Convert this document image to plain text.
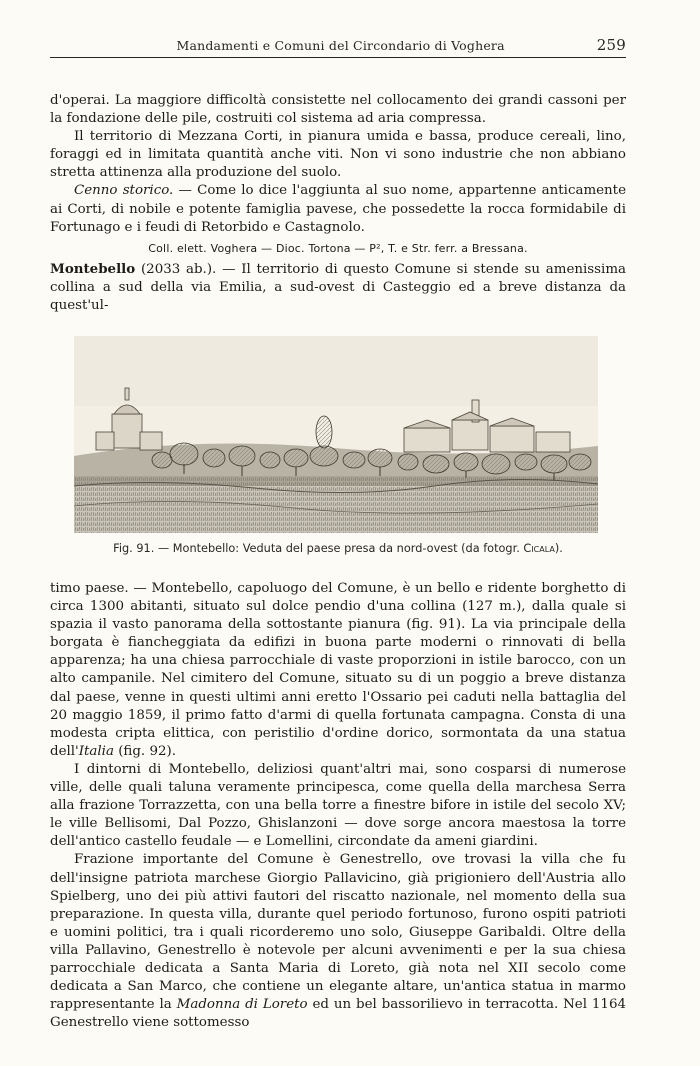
Mandamenti e Comuni del Circondario di Voghera	259

d'operai. La maggiore difficoltà consistette nel collocamento dei grandi cassoni per la fondazione delle pile, costruiti col sistema ad aria compressa.

Il territorio di Mezzana Corti, in pianura umida e bassa, produce cereali, lino, foraggi ed in limitata quantità anche viti. Non vi sono industrie che non abbiano stretta attinenza alla produzione del suolo.

Cenno storico. — Come lo dice l'aggiunta al suo nome, appartenne anticamente ai Corti, di nobile e potente famiglia pavese, che possedette la rocca formidabile di Fortunago e i feudi di Retorbido e Castagnolo.

Coll. elett. Voghera — Dioc. Tortona — P², T. e Str. ferr. a Bressana.

Montebello (2033 ab.). — Il territorio di questo Comune si stende su amenissima collina a sud della via Emilia, a sud-ovest di Casteggio ed a breve distanza da quest'ul-

Fig. 91. — Montebello: Veduta del paese presa da nord-ovest (da fotogr. Cicala).

timo paese. — Montebello, capoluogo del Comune, è un bello e ridente borghetto di circa 1300 abitanti, situato sul dolce pendio d'una collina (127 m.), dalla quale si spazia il vasto panorama della sottostante pianura (fig. 91). La via principale della borgata è fiancheggiata da edifizi in buona parte moderni o rinnovati di bella apparenza; ha una chiesa parrocchiale di vaste proporzioni in istile barocco, con un alto campanile. Nel cimitero del Comune, situato su di un poggio a breve distanza dal paese, venne in questi ultimi anni eretto l'Ossario pei caduti nella battaglia del 20 maggio 1859, il primo fatto d'armi di quella fortunata campagna. Consta di una modesta cripta elittica, con peristilio d'ordine dorico, sormontata da una statua dell'Italia (fig. 92).

I dintorni di Montebello, deliziosi quant'altri mai, sono cosparsi di numerose ville, delle quali taluna veramente principesca, come quella della marchesa Serra alla frazione Torrazzetta, con una bella torre a finestre bifore in istile del secolo XV; le ville Bellisomi, Dal Pozzo, Ghislanzoni — dove sorge ancora maestosa la torre dell'antico castello feudale — e Lomellini, circondate da ameni giardini.

Frazione importante del Comune è Genestrello, ove trovasi la villa che fu dell'insigne patriota marchese Giorgio Pallavicino, già prigioniero dell'Austria allo Spielberg, uno dei più attivi fautori del riscatto nazionale, nel momento della sua preparazione. In questa villa, durante quel periodo fortunoso, furono ospiti patrioti e uomini politici, tra i quali ricorderemo uno solo, Giuseppe Garibaldi. Oltre della villa Pallavino, Genestrello è notevole per alcuni avvenimenti e per la sua chiesa parrocchiale dedicata a Santa Maria di Loreto, già nota nel XII secolo come dedicata a San Marco, che contiene un elegante altare, un'antica statua in marmo rappresentante la Madonna di Loreto ed un bel bassorilievo in terracotta. Nel 1164 Genestrello viene sottomesso
